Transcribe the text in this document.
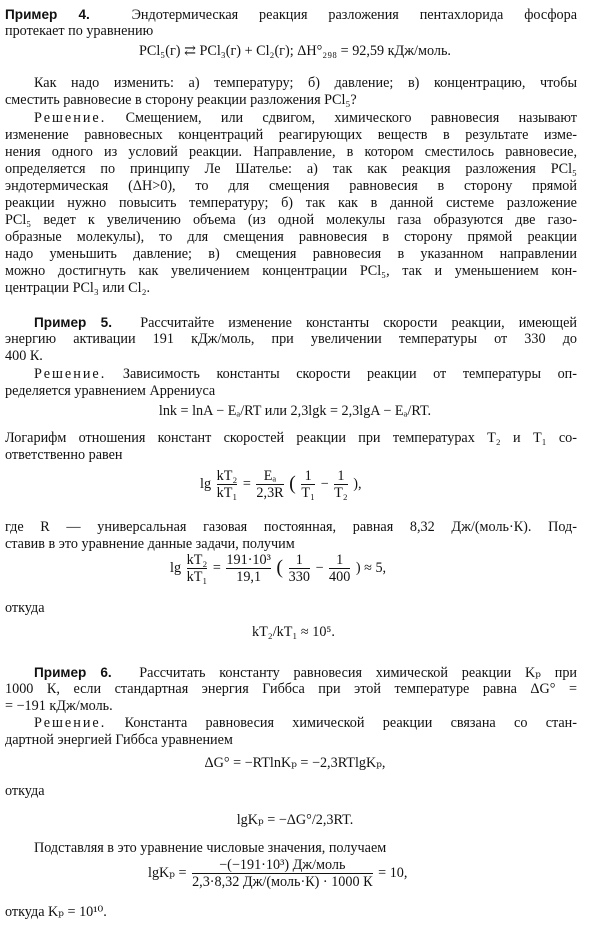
Пример 4.	Эндотермическая реакция разложения пентахлорида фосфора
протекает по уравнению
PCl₅(г) ⇄ PCl₃(г) + Cl₂(г); ΔH°₂₉₈ = 92,59 кДж/моль.
Как надо изменить: а) температуру; б) давление; в) концентрацию, чтобы
сместить равновесие в сторону реакции разложения PCl₅?
Решение. Смещением, или сдвигом, химического равновесия называют
изменение равновесных концентраций реагирующих веществ в результате изме-
нения одного из условий реакции. Направление, в котором сместилось равновесие,
определяется по принципу Ле Шателье: а) так как реакция разложения PCl₅
эндотермическая (ΔH>0), то для смещения равновесия в сторону прямой
реакции нужно повысить температуру; б) так как в данной системе разложение
PCl₅ ведет к увеличению объема (из одной молекулы газа образуются две газо-
образные молекулы), то для смещения равновесия в сторону прямой реакции
надо уменьшить давление; в) смещения равновесия в указанном направлении
можно достигнуть как увеличением концентрации PCl₅, так и уменьшением кон-
центрации PCl₃ или Cl₂.
Пример 5. Рассчитайте изменение константы скорости реакции, имеющей
энергию активации 191 кДж/моль, при увеличении температуры от 330 до
400 К.
Решение. Зависимость константы скорости реакции от температуры оп-
ределяется уравнением Аррениуса
lnk = lnA − Eₐ/RT или 2,3lgk = 2,3lgA − Eₐ/RT.
Логарифм отношения констант скоростей реакции при температурах T₂ и T₁ со-
ответственно равен
$\lg \frac{\text{kT₂}}{\text{kT₁}} = \frac{\text{Eₐ}}{2,3R}$ ( $\frac{1}{\text{T₁}} - \frac{1}{\text{T₂}}$ ),
где R — универсальная газовая постоянная, равная 8,32 Дж/(моль·К). Под-
ставив в это уравнение данные задачи, получим
$\lg \frac{\text{kT₂}}{\text{kT₁}} = \frac{\text{191·10³}}{19,1}$ ( $\frac{1}{330} - \frac{1}{400}$ ) ≈ 5,
откуда
kT₂/kT₁ ≈ 10⁵.
Пример 6. Рассчитать константу равновесия химической реакции Kₚ при
1000 К, если стандартная энергия Гиббса при этой температуре равна ΔG° =
= −191 кДж/моль.
Решение. Константа равновесия химической реакции связана со стан-
дартной энергией Гиббса уравнением
ΔG° = −RTlnKₚ = −2,3RTlgKₚ,
откуда
lgKₚ = −ΔG°/2,3RT.
Подставляя в это уравнение числовые значения, получаем
$\lg K_p = \frac{\text{−(−191·10³) Дж/моль}}{\text{2,3·8,32 Дж/(моль·К) · 1000 К}} = 10$,
откуда Kₚ = 10¹⁰.
